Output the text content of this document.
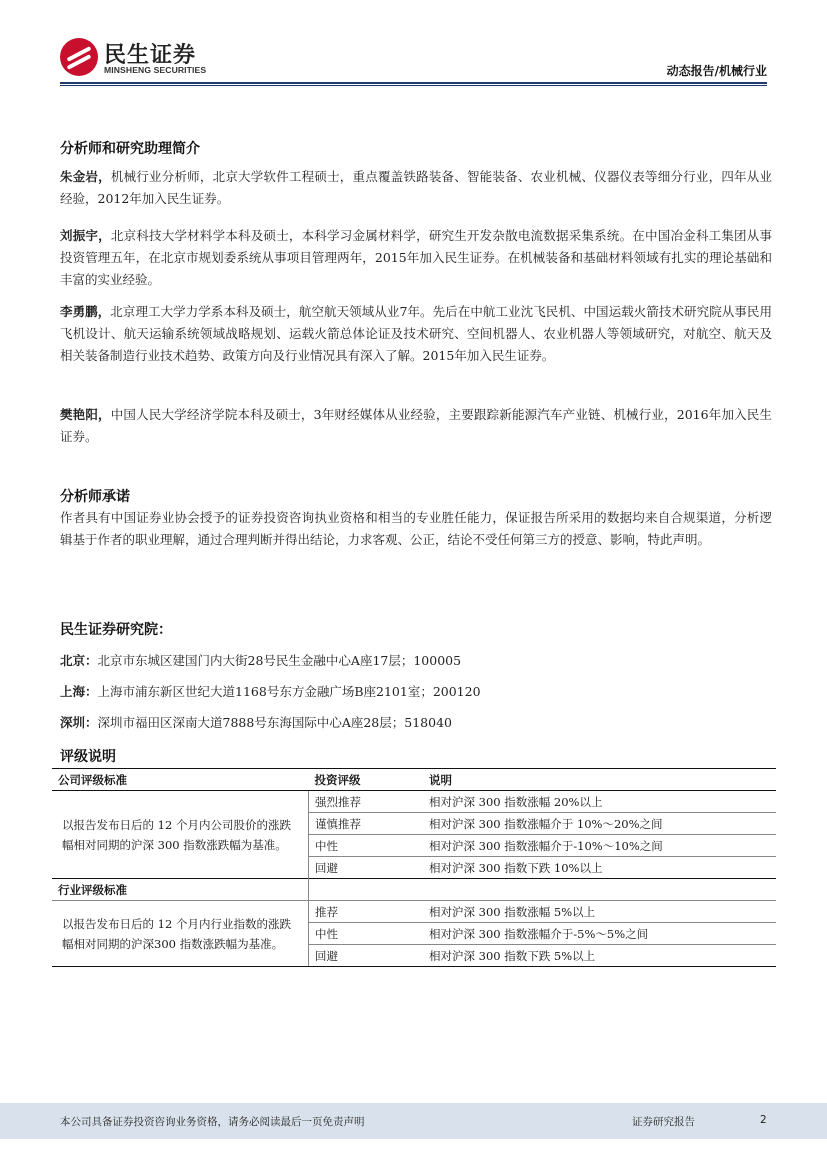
民生证券
MINSHENG SECURITIES	动态报告/机械行业
分析师和研究助理简介
朱金岩，机械行业分析师，北京大学软件工程硕士，重点覆盖铁路装备、智能装备、农业机械、仪器仪表等细分行业，四年从业经验，2012年加入民生证券。
刘振宇，北京科技大学材料学本科及硕士，本科学习金属材料学，研究生开发杂散电流数据采集系统。在中国冶金科工集团从事投资管理五年，在北京市规划委系统从事项目管理两年，2015年加入民生证券。在机械装备和基础材料领域有扎实的理论基础和丰富的实业经验。
李勇鹏，北京理工大学力学系本科及硕士，航空航天领域从业7年。先后在中航工业沈飞民机、中国运载火箭技术研究院从事民用飞机设计、航天运输系统领域战略规划、运载火箭总体论证及技术研究、空间机器人、农业机器人等领域研究，对航空、航天及相关装备制造行业技术趋势、政策方向及行业情况具有深入了解。2015年加入民生证券。
樊艳阳，中国人民大学经济学院本科及硕士，3年财经媒体从业经验，主要跟踪新能源汽车产业链、机械行业，2016年加入民生证券。
分析师承诺
作者具有中国证券业协会授予的证券投资咨询执业资格和相当的专业胜任能力，保证报告所采用的数据均来自合规渠道，分析逻辑基于作者的职业理解，通过合理判断并得出结论，力求客观、公正，结论不受任何第三方的授意、影响，特此声明。
民生证券研究院：
北京：北京市东城区建国门内大街28号民生金融中心A座17层；100005
上海：上海市浦东新区世纪大道1168号东方金融广场B座2101室；200120
深圳：深圳市福田区深南大道7888号东海国际中心A座28层；518040
评级说明
公司评级标准	投资评级	说明
以报告发布日后的 12 个月内公司股价的涨跌幅相对同期的沪深 300 指数涨跌幅为基准。	强烈推荐	相对沪深 300 指数涨幅 20%以上
	谨慎推荐	相对沪深 300 指数涨幅介于 10%～20%之间
	中性	相对沪深 300 指数涨幅介于-10%～10%之间
	回避	相对沪深 300 指数下跌 10%以上
行业评级标准		
以报告发布日后的 12 个月内行业指数的涨跌幅相对同期的沪深300 指数涨跌幅为基准。	推荐	相对沪深 300 指数涨幅 5%以上
	中性	相对沪深 300 指数涨幅介于-5%～5%之间
	回避	相对沪深 300 指数下跌 5%以上
本公司具备证券投资咨询业务资格，请务必阅读最后一页免责声明	证券研究报告	2
